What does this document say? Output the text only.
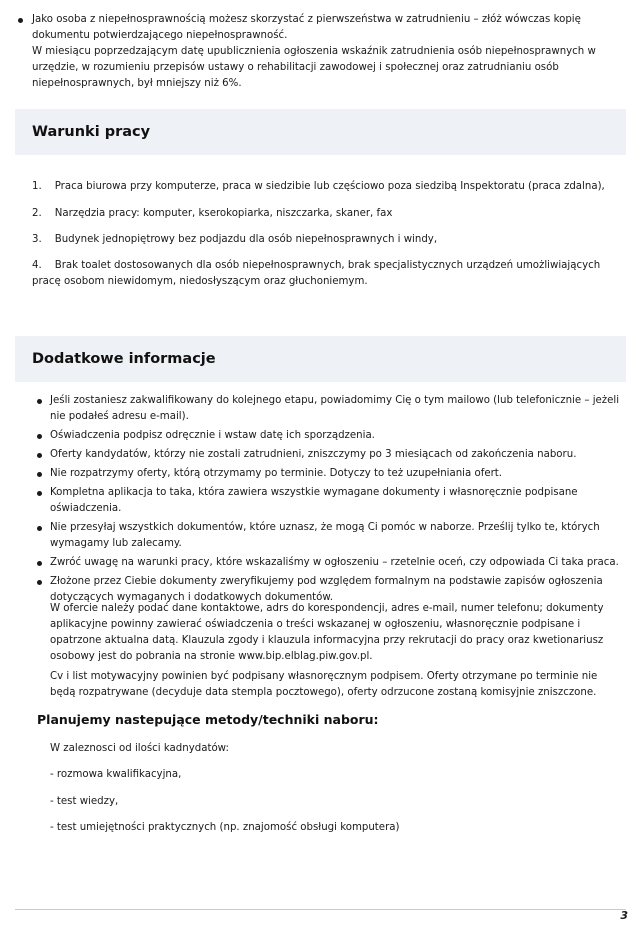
Jako osoba z niepełnosprawnością możesz skorzystać z pierwszeństwa w zatrudnieniu – złóż wówczas kopię dokumentu potwierdzającego niepełnosprawność.
W miesiącu poprzedzającym datę upublicznienia ogłoszenia wskaźnik zatrudnienia osób niepełnosprawnych w urzędzie, w rozumieniu przepisów ustawy o rehabilitacji zawodowej i społecznej oraz zatrudnianiu osób niepełnosprawnych, był mniejszy niż 6%.
Warunki pracy
1. Praca biurowa przy komputerze, praca w siedzibie lub częściowo poza siedzibą Inspektoratu (praca zdalna),
2. Narzędzia pracy: komputer, kserokopiarka, niszczarka, skaner, fax
3. Budynek jednopiętrowy bez podjazdu dla osób niepełnosprawnych i windy,
4. Brak toalet dostosowanych dla osób niepełnosprawnych, brak specjalistycznych urządzeń umożliwiających pracę osobom niewidomym, niedosłyszącym oraz głuchoniemym.
Dodatkowe informacje
Jeśli zostaniesz zakwalifikowany do kolejnego etapu, powiadomimy Cię o tym mailowo (lub telefonicznie – jeżeli nie podałeś adresu e-mail).
Oświadczenia podpisz odręcznie i wstaw datę ich sporządzenia.
Oferty kandydatów, którzy nie zostali zatrudnieni, zniszczymy po 3 miesiącach od zakończenia naboru.
Nie rozpatrzymy oferty, którą otrzymamy po terminie. Dotyczy to też uzupełniania ofert.
Kompletna aplikacja to taka, która zawiera wszystkie wymagane dokumenty i własnoręcznie podpisane oświadczenia.
Nie przesyłaj wszystkich dokumentów, które uznasz, że mogą Ci pomóc w naborze. Prześlij tylko te, których wymagamy lub zalecamy.
Zwróć uwagę na warunki pracy, które wskazaliśmy w ogłoszeniu – rzetelnie oceń, czy odpowiada Ci taka praca.
Złożone przez Ciebie dokumenty zweryfikujemy pod względem formalnym na podstawie zapisów ogłoszenia dotyczących wymaganych i dodatkowych dokumentów.
W ofercie należy podać dane kontaktowe, adrs do korespondencji, adres e-mail, numer telefonu; dokumenty aplikacyjne powinny zawierać oświadczenia o treści wskazanej w ogłoszeniu, własnoręcznie podpisane i opatrzone aktualna datą. Klauzula zgody i klauzula informacyjna przy rekrutacji do pracy oraz kwetionariusz osobowy jest do pobrania na stronie www.bip.elblag.piw.gov.pl.
Cv i list motywacyjny powinien być podpisany własnoręcznym podpisem. Oferty otrzymane po terminie nie będą rozpatrywane (decyduje data stempla pocztowego), oferty odrzucone zostaną komisyjnie zniszczone.
Planujemy nastepujące metody/techniki naboru:
W zaleznosci od ilości kadnydatów:
- rozmowa kwalifikacyjna,
- test wiedzy,
- test umiejętności praktycznych (np. znajomość obsługi komputera)
3
